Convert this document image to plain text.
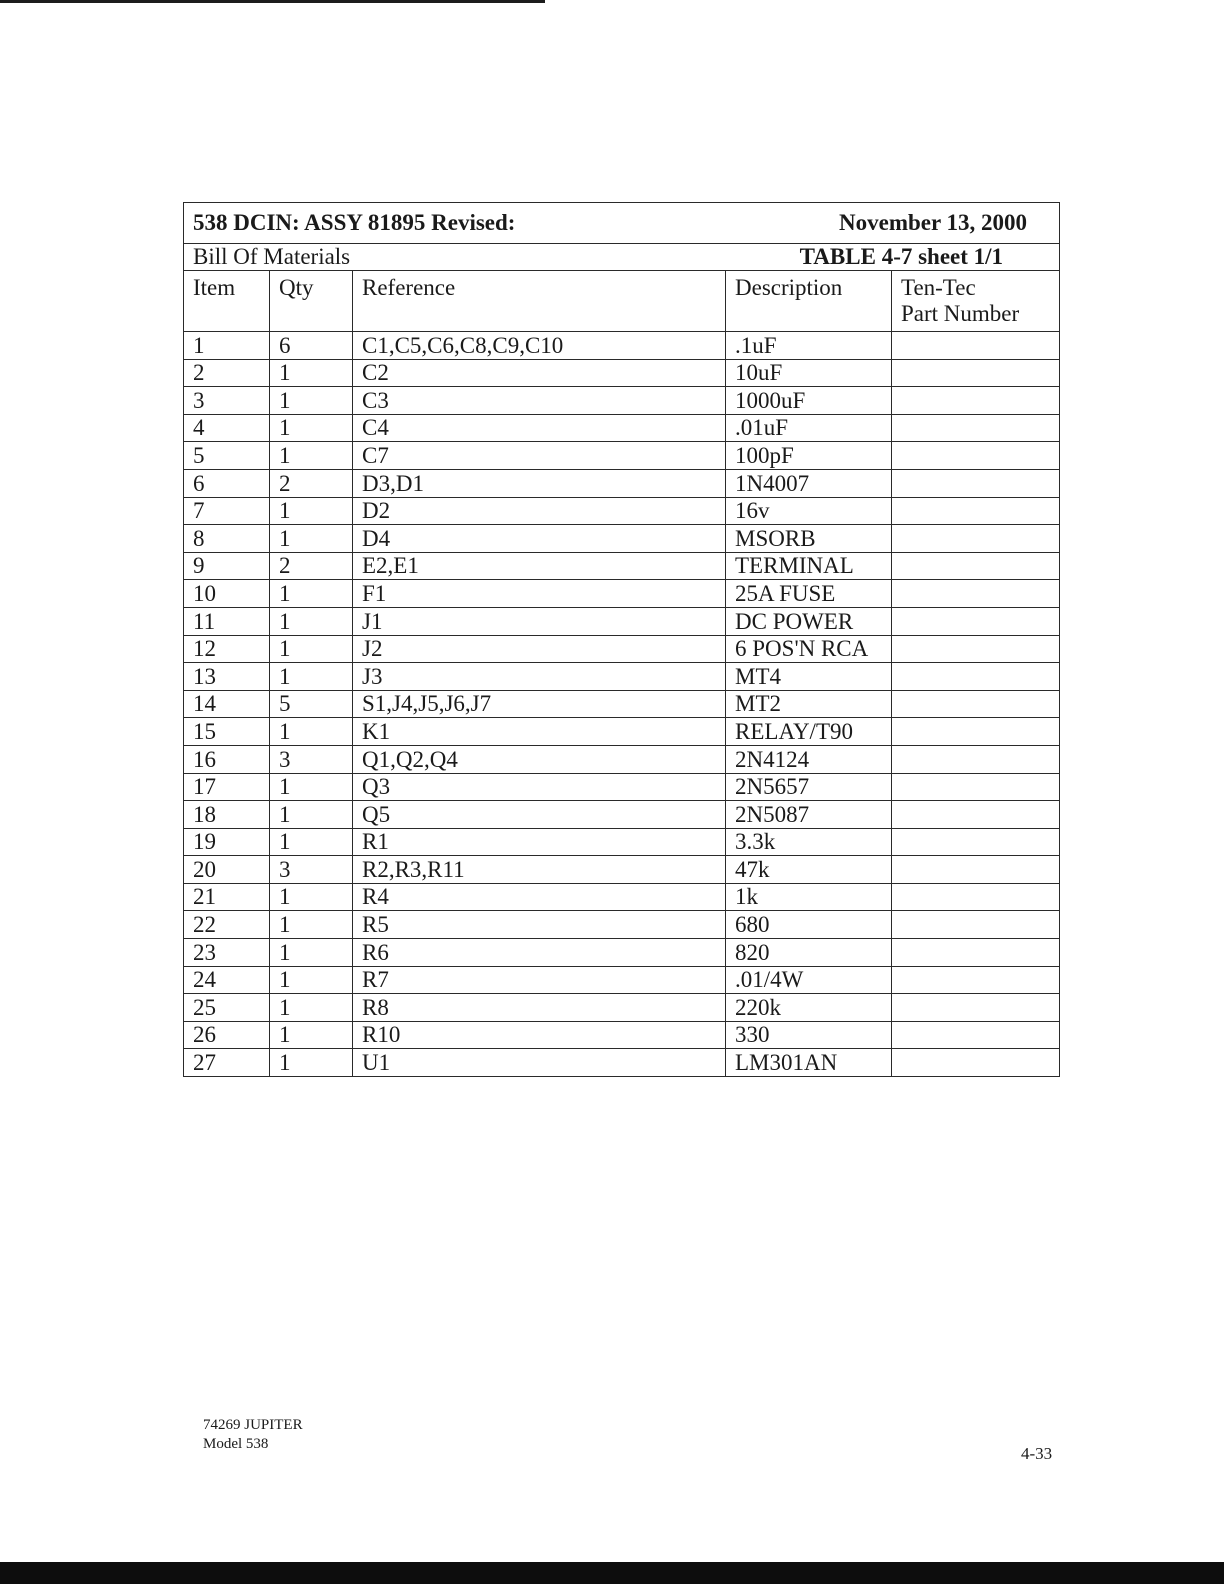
538 DCIN: ASSY 81895 Revised: November 13, 2000				

Bill Of Materials TABLE 4-7 sheet 1/1				

Item	Qty	Reference	Description	Ten-Tec
Part Number

1	6	C1,C5,C6,C8,C9,C10	.1uF	
2	1	C2	10uF	
3	1	C3	1000uF	
4	1	C4	.01uF	
5	1	C7	100pF	
6	2	D3,D1	1N4007	
7	1	D2	16v	
8	1	D4	MSORB	
9	2	E2,E1	TERMINAL	
10	1	F1	25A FUSE	
11	1	J1	DC POWER	
12	1	J2	6 POS'N RCA	
13	1	J3	MT4	
14	5	S1,J4,J5,J6,J7	MT2	
15	1	K1	RELAY/T90	
16	3	Q1,Q2,Q4	2N4124	
17	1	Q3	2N5657	
18	1	Q5	2N5087	
19	1	R1	3.3k	
20	3	R2,R3,R11	47k	
21	1	R4	1k	
22	1	R5	680	
23	1	R6	820	
24	1	R7	.01/4W	
25	1	R8	220k	
26	1	R10	330	
27	1	U1	LM301AN	
74269 JUPITER
Model 538	4-33
